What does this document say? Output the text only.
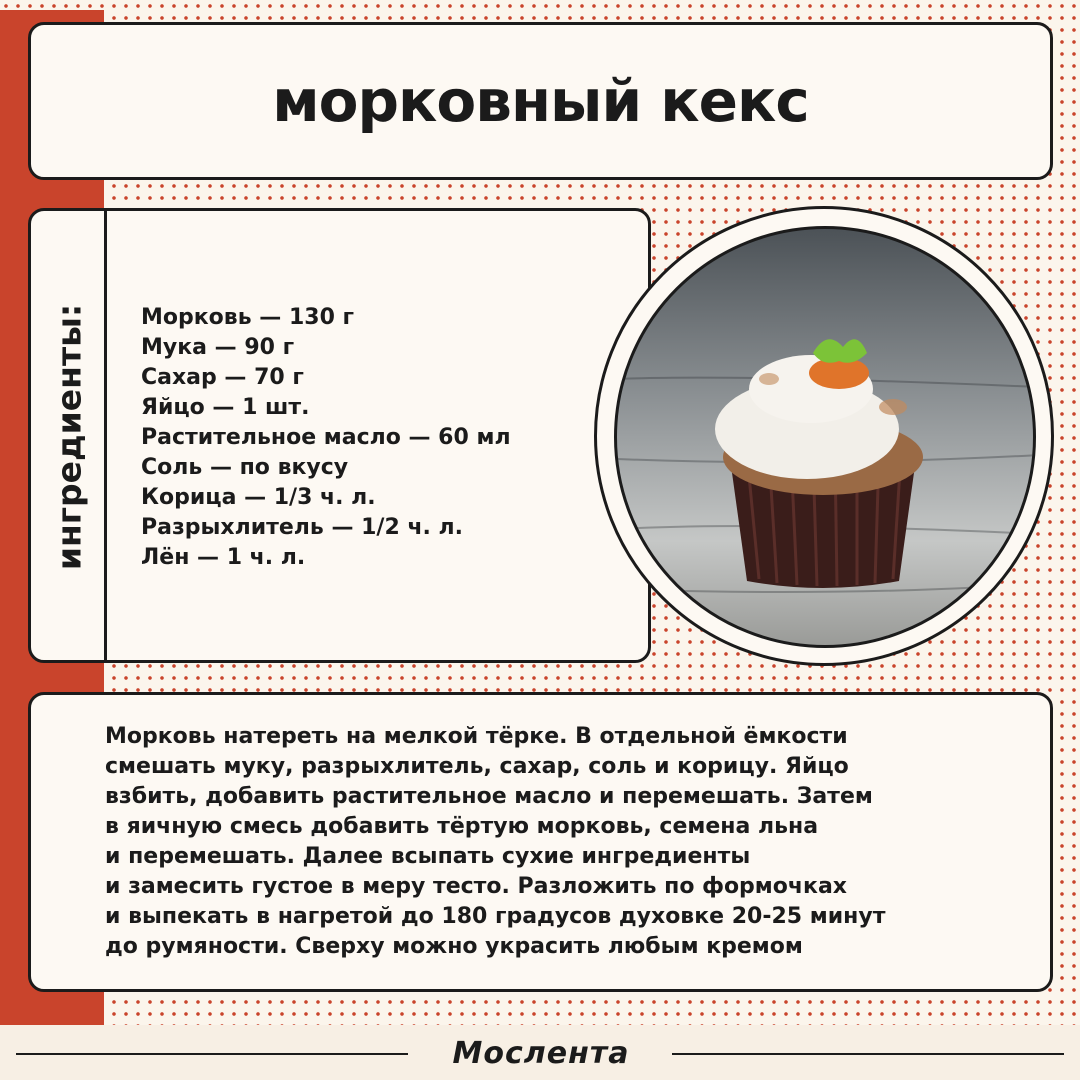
морковный кекс
ингредиенты: Морковь — 130 г
Мука — 90 г
Сахар — 70 г
Яйцо — 1 шт.
Растительное масло — 60 мл
Соль — по вкусу
Корица — 1/3 ч. л.
Разрыхлитель — 1/2 ч. л.
Лён — 1 ч. л.
Морковь натереть на мелкой тёрке. В отдельной ёмкости
смешать муку, разрыхлитель, сахар, соль и корицу. Яйцо
взбить, добавить растительное масло и перемешать. Затем
в яичную смесь добавить тёртую морковь, семена льна
и перемешать. Далее всыпать сухие ингредиенты
и замесить густое в меру тесто. Разложить по формочках
и выпекать в нагретой до 180 градусов духовке 20-25 минут
до румяности. Сверху можно украсить любым кремом
Мослента
